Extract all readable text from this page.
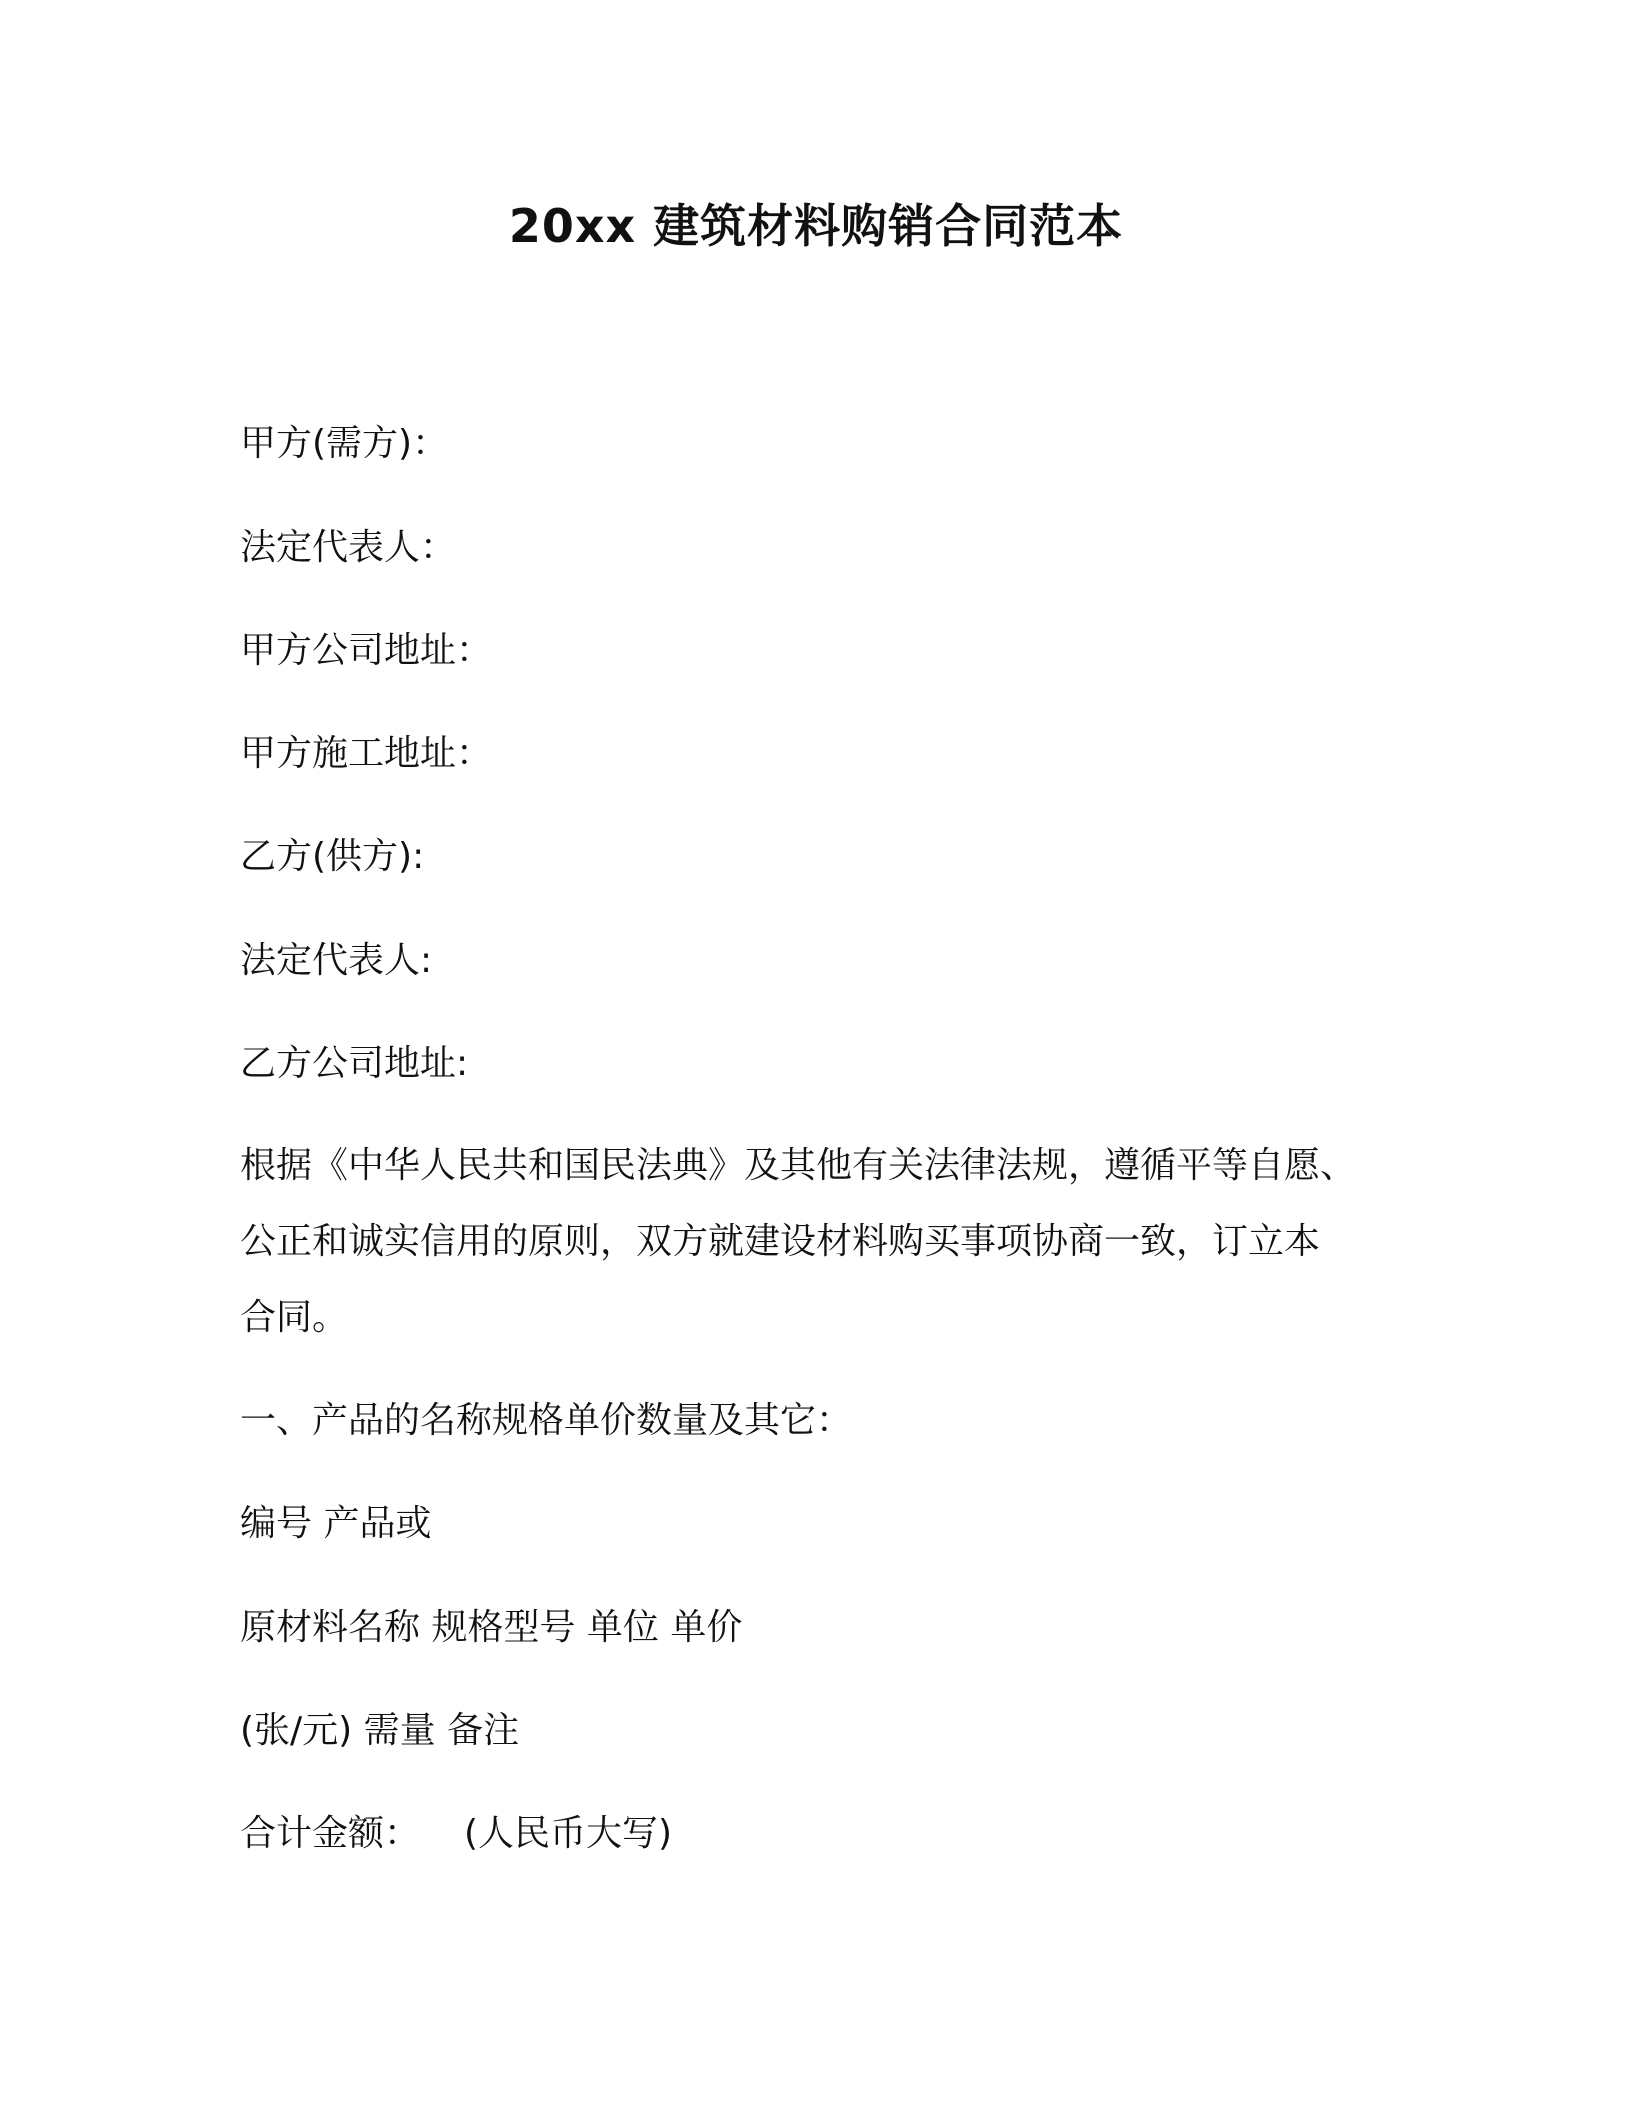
20xx 建筑材料购销合同范本
甲方(需方)：
法定代表人：
甲方公司地址：
甲方施工地址：
乙方(供方):
法定代表人:
乙方公司地址:
根据《中华人民共和国民法典》及其他有关法律法规，遵循平等自愿、
公正和诚实信用的原则，双方就建设材料购买事项协商一致，订立本
合同。
一、产品的名称规格单价数量及其它：
编号 产品或
原材料名称 规格型号 单位 单价
(张/元) 需量 备注
合计金额： (人民币大写)
